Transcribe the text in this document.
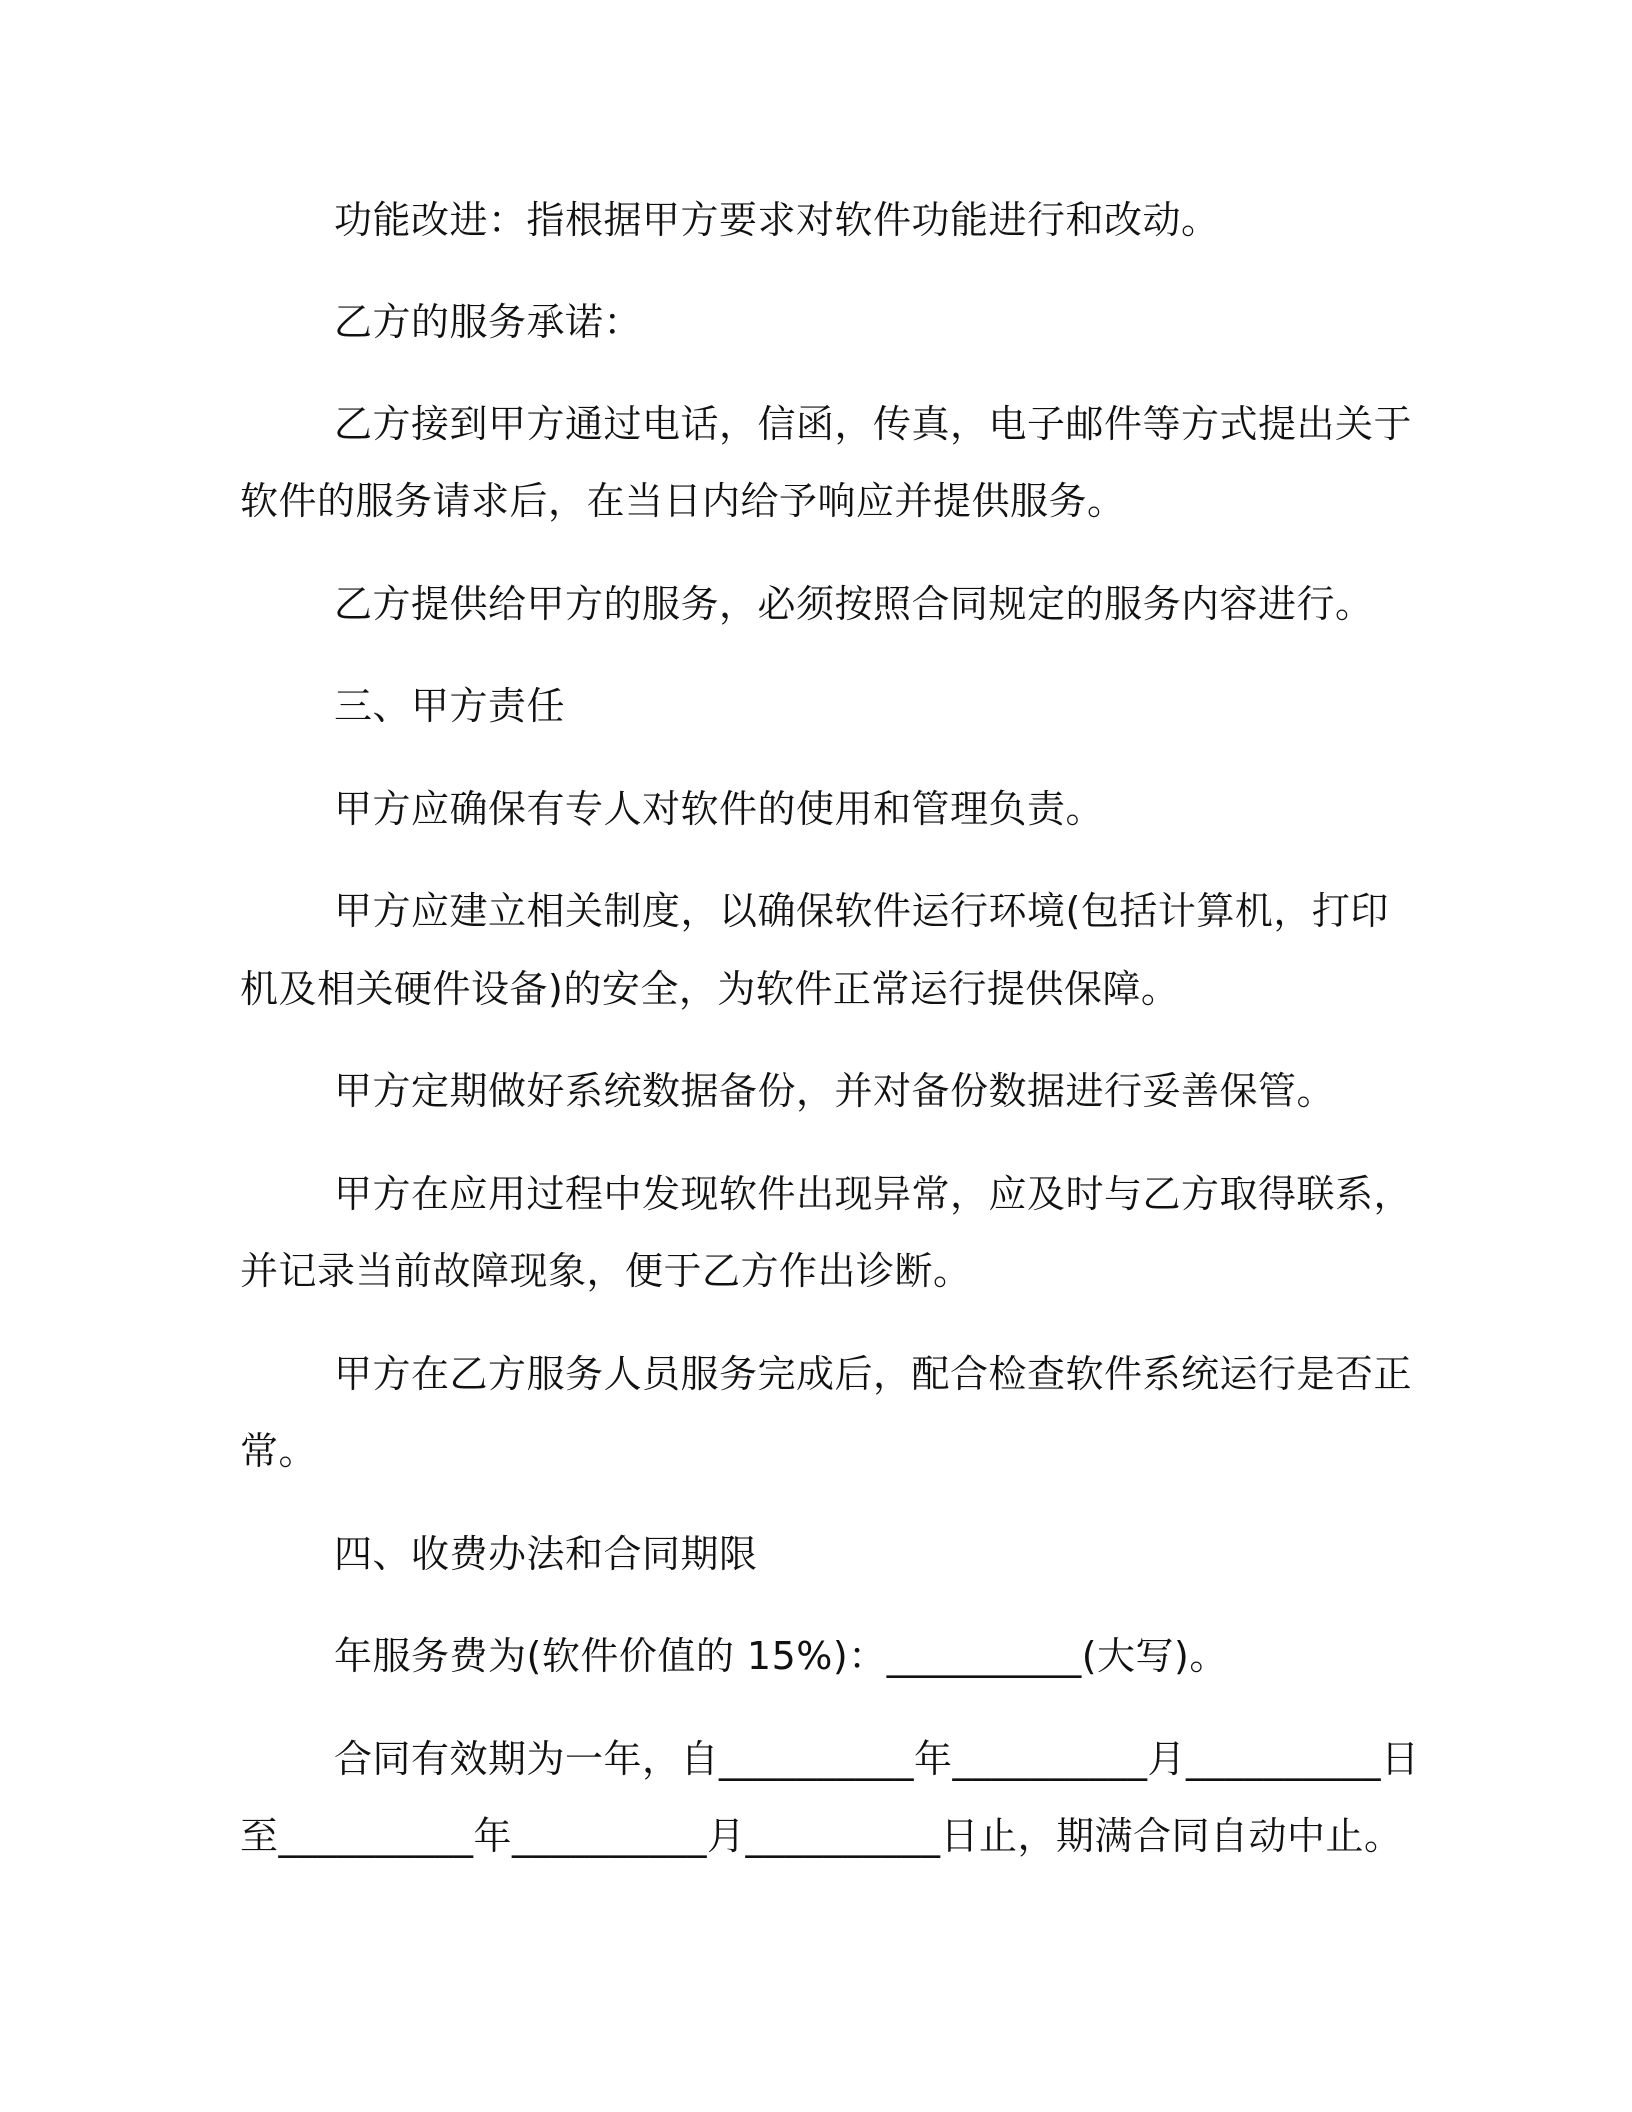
功能改进：指根据甲方要求对软件功能进行和改动。
乙方的服务承诺：
乙方接到甲方通过电话，信函，传真，电子邮件等方式提出关于
软件的服务请求后，在当日内给予响应并提供服务。
乙方提供给甲方的服务，必须按照合同规定的服务内容进行。
三、甲方责任
甲方应确保有专人对软件的使用和管理负责。
甲方应建立相关制度，以确保软件运行环境(包括计算机，打印
机及相关硬件设备)的安全，为软件正常运行提供保障。
甲方定期做好系统数据备份，并对备份数据进行妥善保管。
甲方在应用过程中发现软件出现异常，应及时与乙方取得联系，
并记录当前故障现象，便于乙方作出诊断。
甲方在乙方服务人员服务完成后，配合检查软件系统运行是否正
常。
四、收费办法和合同期限
年服务费为(软件价值的 15%)：__________(大写)。
合同有效期为一年，自__________年__________月__________日
至__________年__________月__________日止，期满合同自动中止。
